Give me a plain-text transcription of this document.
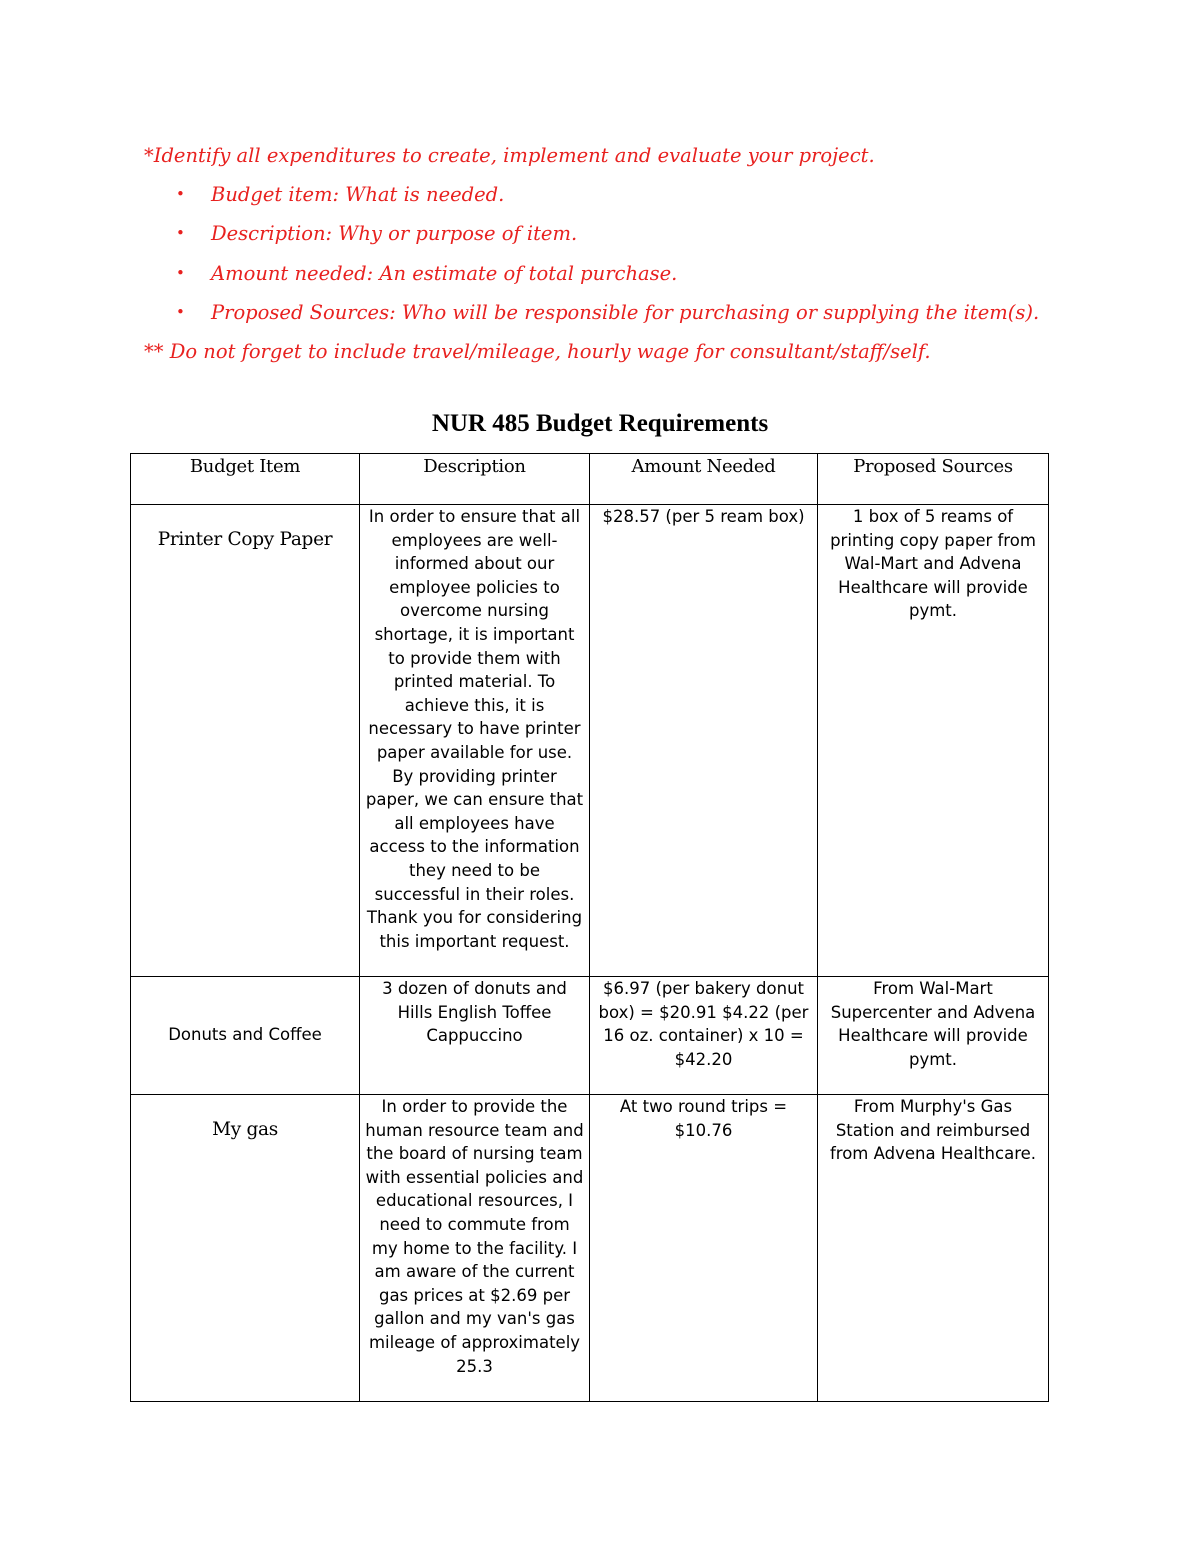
*Identify all expenditures to create, implement and evaluate your project.

• Budget item: What is needed.
• Description: Why or purpose of item.
• Amount needed: An estimate of total purchase.
• Proposed Sources: Who will be responsible for purchasing or supplying the item(s).

** Do not forget to include travel/mileage, hourly wage for consultant/staff/self.

NUR 485 Budget Requirements
Budget Item	Description	Amount Needed	Proposed Sources
Printer Copy Paper	In order to ensure that all employees are well-informed about our employee policies to overcome nursing shortage, it is important to provide them with printed material. To achieve this, it is necessary to have printer paper available for use. By providing printer paper, we can ensure that all employees have access to the information they need to be successful in their roles. Thank you for considering this important request.	$28.57 (per 5 ream box)	1 box of 5 reams of printing copy paper from Wal-Mart and Advena Healthcare will provide pymt.
Donuts and Coffee	3 dozen of donuts and Hills English Toffee Cappuccino	$6.97 (per bakery donut box) = $20.91 $4.22 (per 16 oz. container) x 10 = $42.20	From Wal-Mart Supercenter and Advena Healthcare will provide pymt.
My gas	In order to provide the human resource team and the board of nursing team with essential policies and educational resources, I need to commute from my home to the facility. I am aware of the current gas prices at $2.69 per gallon and my van's gas mileage of approximately 25.3	At two round trips = $10.76	From Murphy's Gas Station and reimbursed from Advena Healthcare.
